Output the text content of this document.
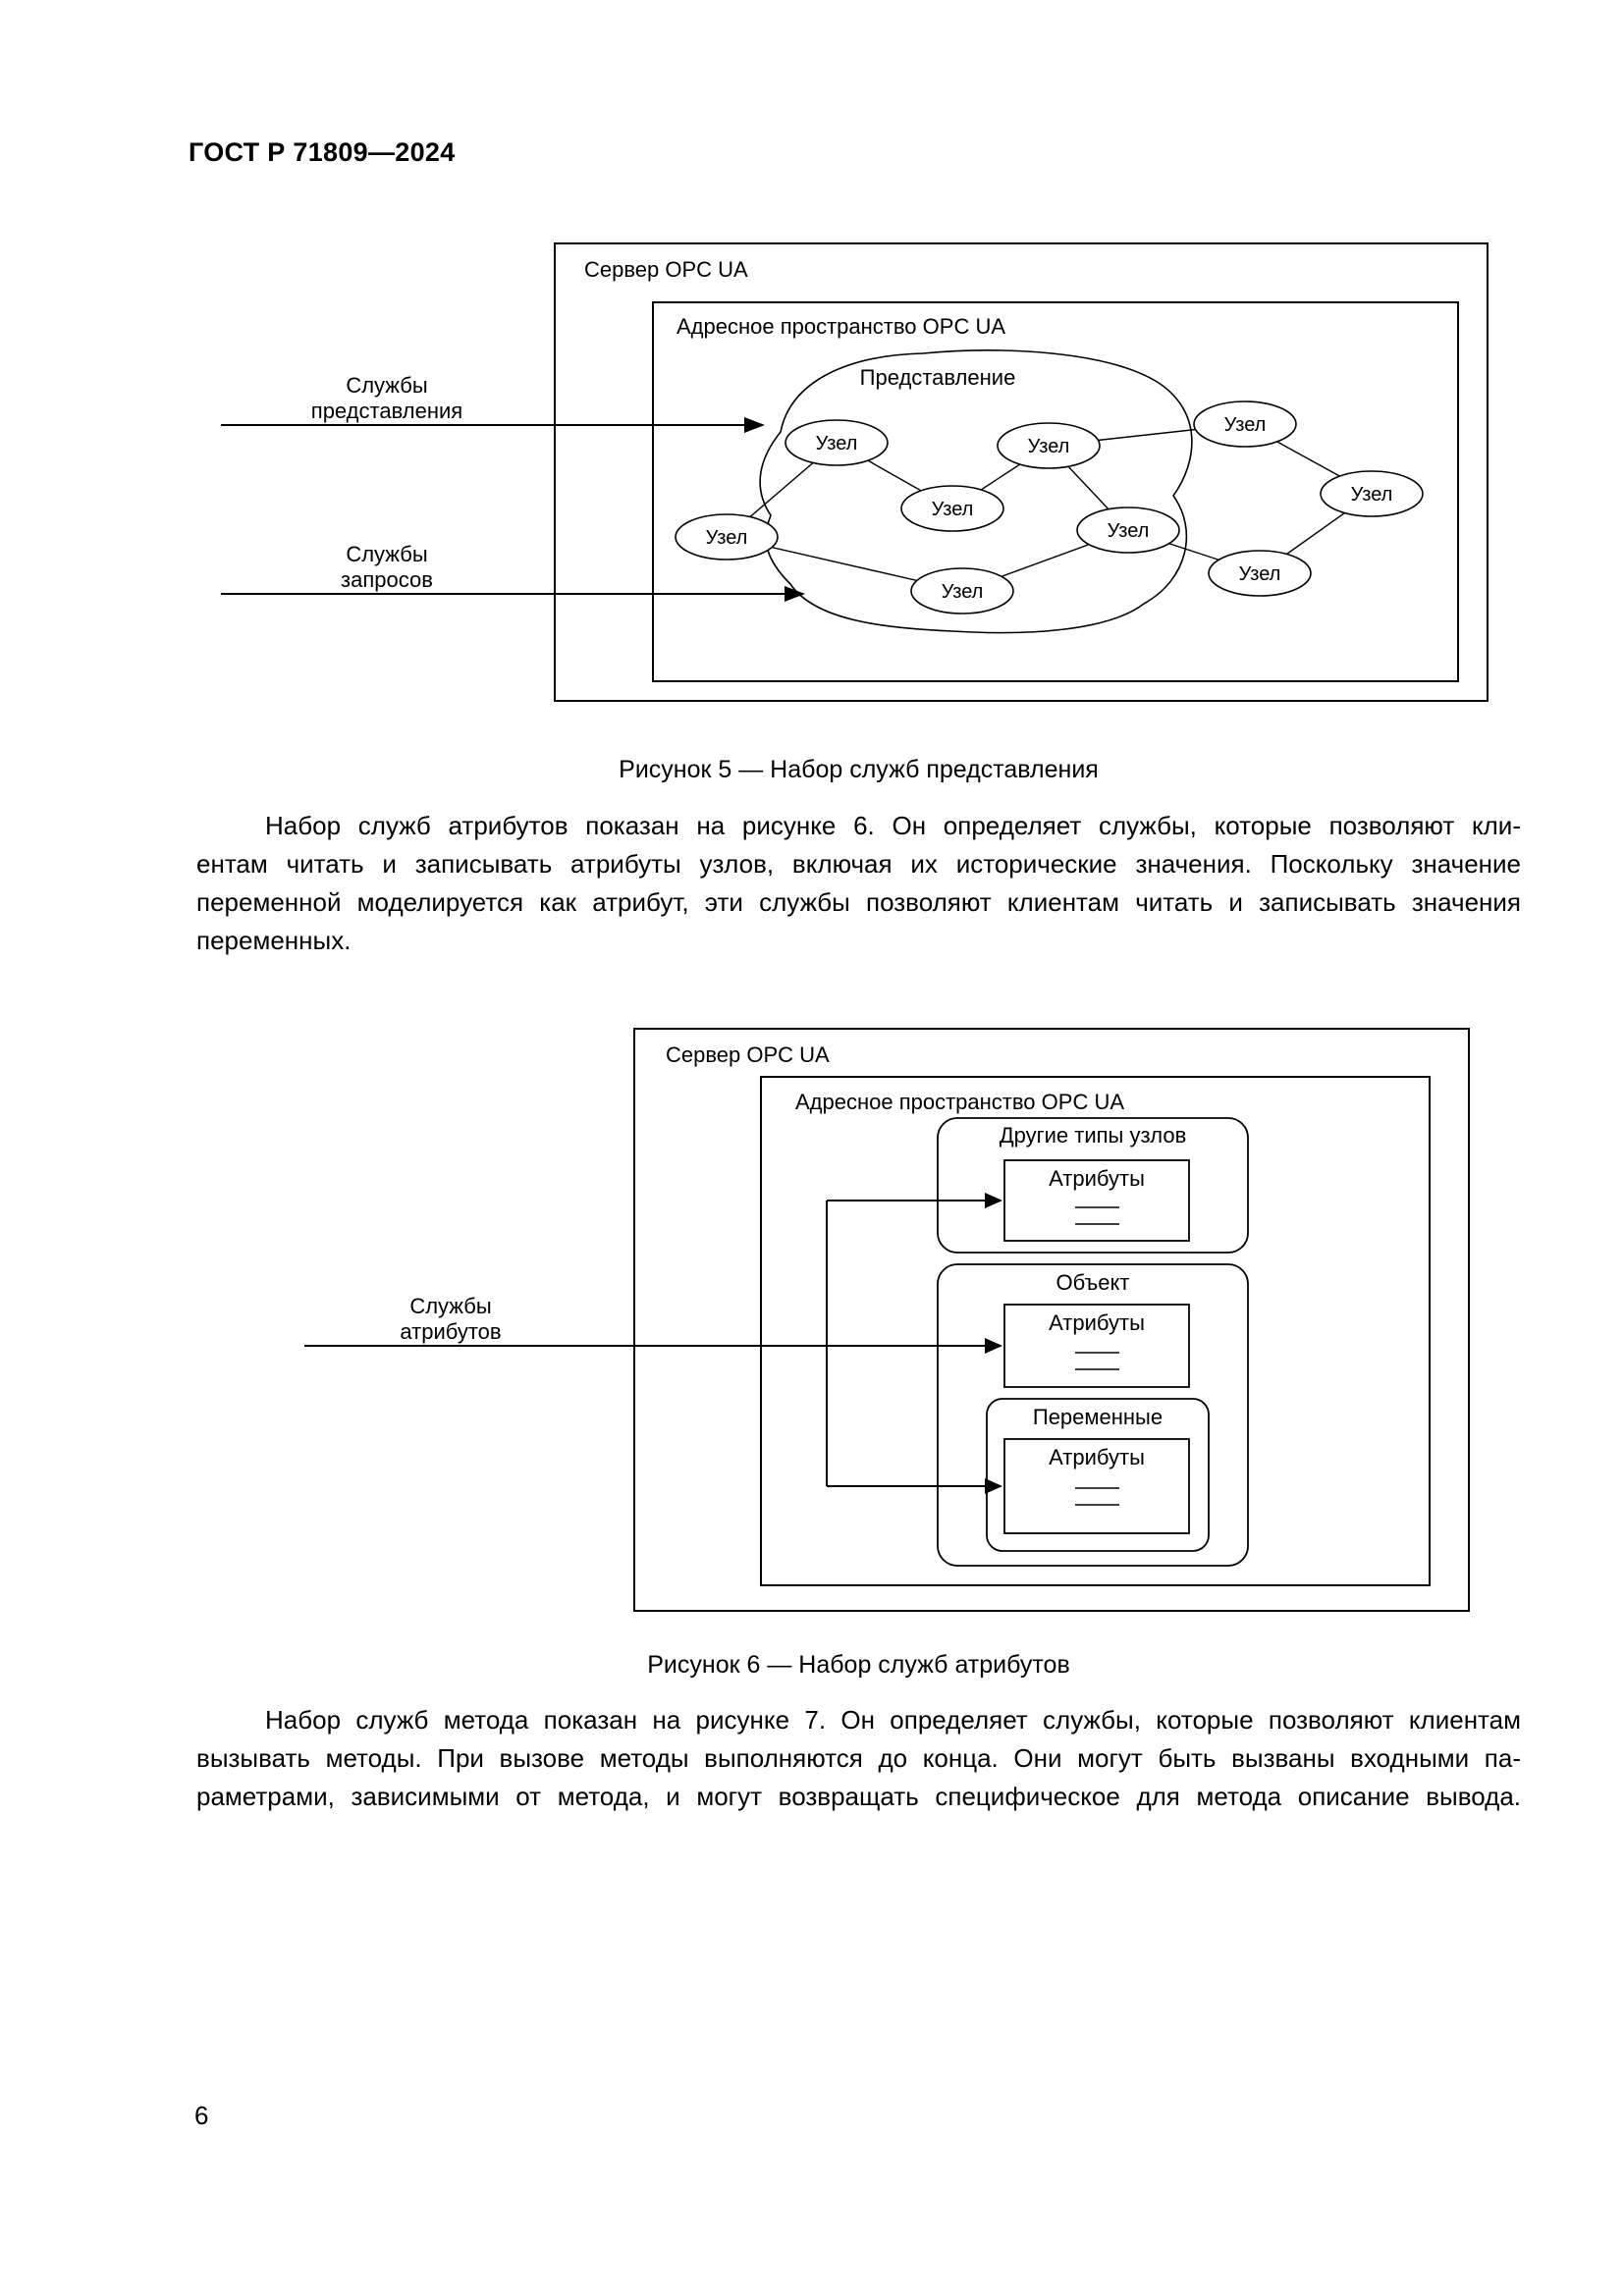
ГОСТ Р 71809—2024
Сервер OPC UA
Адресное пространство OPC UA
Представление
Узел	Узел
Узел
Узел	Узел
Узел
Узел
Узел
Узел
Службы
представления
Службы
запросов
Рисунок 5 — Набор служб представления
Набор служб атрибутов показан на рисунке 6. Он определяет службы, которые позволяют кли-
ентам читать и записывать атрибуты узлов, включая их исторические значения. Поскольку значение
переменной моделируется как атрибут, эти службы позволяют клиентам читать и записывать значения
переменных.
Сервер OPC UA
Адресное пространство OPC UA
Другие типы узлов
Атрибуты
Объект
Атрибуты
Переменные
Атрибуты
Службы
атрибутов
Рисунок 6 — Набор служб атрибутов
Набор служб метода показан на рисунке 7. Он определяет службы, которые позволяют клиентам
вызывать методы. При вызове методы выполняются до конца. Они могут быть вызваны входными па-
раметрами, зависимыми от метода, и могут возвращать специфическое для метода описание вывода.
6
